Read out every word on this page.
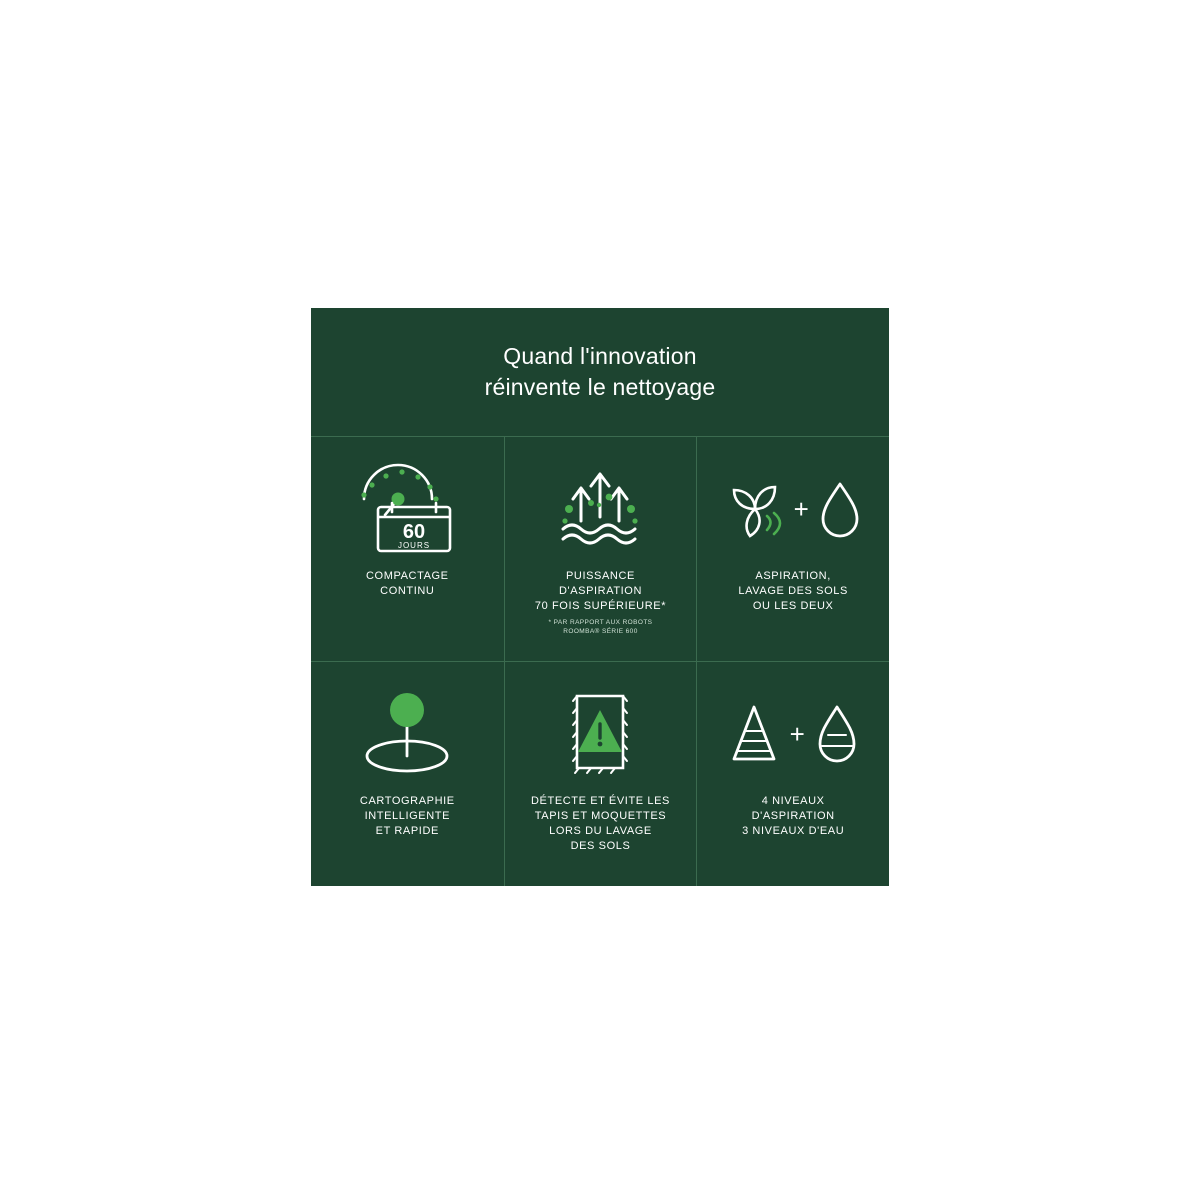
Quand l'innovation
réinvente le nettoyage
60
JOURS
COMPACTAGE
CONTINU
PUISSANCE
D'ASPIRATION
70 FOIS SUPÉRIEURE*
* PAR RAPPORT AUX ROBOTS
ROOMBA® SÉRIE 600
+
ASPIRATION,
LAVAGE DES SOLS
OU LES DEUX
CARTOGRAPHIE
INTELLIGENTE
ET RAPIDE
DÉTECTE ET ÉVITE LES
TAPIS ET MOQUETTES
LORS DU LAVAGE
DES SOLS
+
4 NIVEAUX
D'ASPIRATION
3 NIVEAUX D'EAU
